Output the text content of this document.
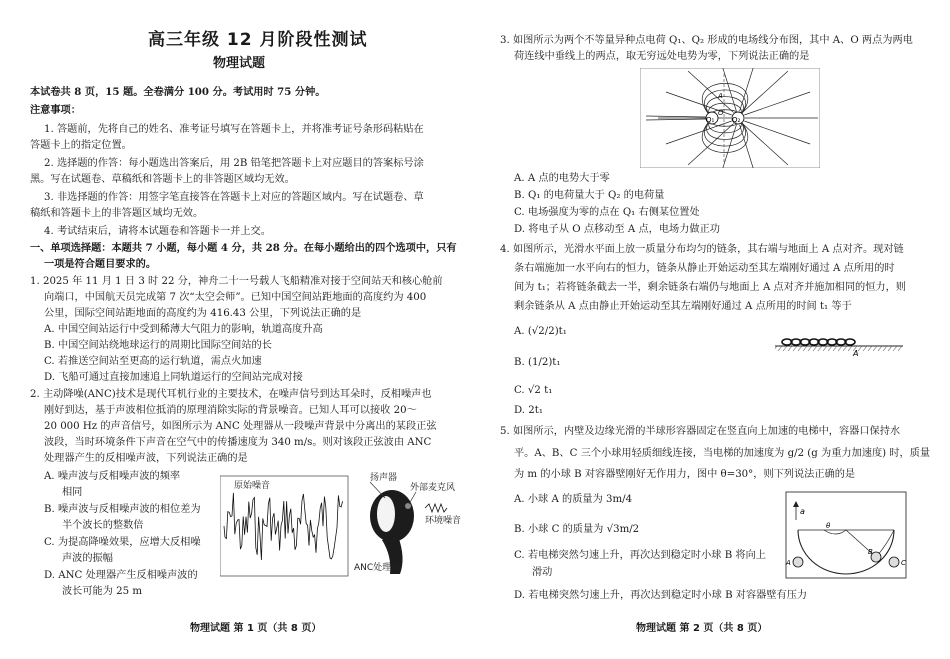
高三年级 12 月阶段性测试
物理试题
本试卷共 8 页，15 题。全卷满分 100 分。考试用时 75 分钟。
注意事项：
1. 答题前，先将自己的姓名、准考证号填写在答题卡上，并将准考证号条形码粘贴在
答题卡上的指定位置。
2. 选择题的作答：每小题选出答案后，用 2B 铅笔把答题卡上对应题目的答案标号涂
黑。写在试题卷、草稿纸和答题卡上的非答题区域均无效。
3. 非选择题的作答：用签字笔直接答在答题卡上对应的答题区域内。写在试题卷、草
稿纸和答题卡上的非答题区域均无效。
4. 考试结束后，请将本试题卷和答题卡一并上交。
一、单项选择题：本题共 7 小题，每小题 4 分，共 28 分。在每小题给出的四个选项中，只有
一项是符合题目要求的。
1. 2025 年 11 月 1 日 3 时 22 分，神舟二十一号载人飞船精准对接于空间站天和核心舱前
向端口，中国航天员完成第 7 次“太空会师”。已知中国空间站距地面的高度约为 400
公里，国际空间站距地面的高度约为 416.43 公里，下列说法正确的是
A. 中国空间站运行中受到稀薄大气阻力的影响，轨道高度升高
B. 中国空间站绕地球运行的周期比国际空间站的长
C. 若推送空间站至更高的运行轨道，需点火加速
D. 飞船可通过直接加速追上同轨道运行的空间站完成对接
2. 主动降噪(ANC)技术是现代耳机行业的主要技术，在噪声信号到达耳朵时，反相噪声也
刚好到达，基于声波相位抵消的原理消除实际的背景噪音。已知人耳可以接收 20～
20 000 Hz 的声音信号，如图所示为 ANC 处理器从一段噪声背景中分离出的某段正弦
波段，当时环境条件下声音在空气中的传播速度为 340 m/s。则对该段正弦波由 ANC
处理器产生的反相噪声波，下列说法正确的是
A. 噪声波与反相噪声波的频率
相同
B. 噪声波与反相噪声波的相位差为
半个波长的整数倍
C. 为提高降噪效果，应增大反相噪
声波的振幅
D. ANC 处理器产生反相噪声波的
波长可能为 25 m
原始噪音
扬声器
外部麦克风
环境噪音
ANC处理器
物理试题 第 1 页（共 8 页）
3. 如图所示为两个不等量异种点电荷 Q₁、Q₂ 形成的电场线分布图，其中 A、O 两点为两电
荷连线中垂线上的两点，取无穷远处电势为零，下列说法正确的是
Q₁	Q₂
O
A
A. A 点的电势大于零
B. Q₁ 的电荷量大于 Q₂ 的电荷量
C. 电场强度为零的点在 Q₁ 右侧某位置处
D. 将电子从 O 点移动至 A 点，电场力做正功
4. 如图所示，光滑水平面上放一质量分布均匀的链条，其右端与地面上 A 点对齐。现对链
条右端施加一水平向右的恒力，链条从静止开始运动至其左端刚好通过 A 点所用的时
间为 t₁；若将链条截去一半，剩余链条右端仍与地面上 A 点对齐并施加相同的恒力，则
剩余链条从 A 点由静止开始运动至其左端刚好通过 A 点所用的时间 t₁ 等于
A. (√2/2)t₁
B. (1/2)t₁
C. √2 t₁
D. 2t₁
A
5. 如图所示，内壁及边缘光滑的半球形容器固定在竖直向上加速的电梯中，容器口保持水
平。A、B、C 三个小球用轻质细线连接，当电梯的加速度为 g/2 (g 为重力加速度) 时，质量
为 m 的小球 B 对容器壁刚好无作用力，图中 θ=30°，则下列说法正确的是
A. 小球 A 的质量为 3m/4
B. 小球 C 的质量为 √3m/2
C. 若电梯突然匀速上升，再次达到稳定时小球 B 将向上
滑动
D. 若电梯突然匀速上升，再次达到稳定时小球 B 对容器壁有压力
a
θ
A
B
C
物理试题 第 2 页（共 8 页）
